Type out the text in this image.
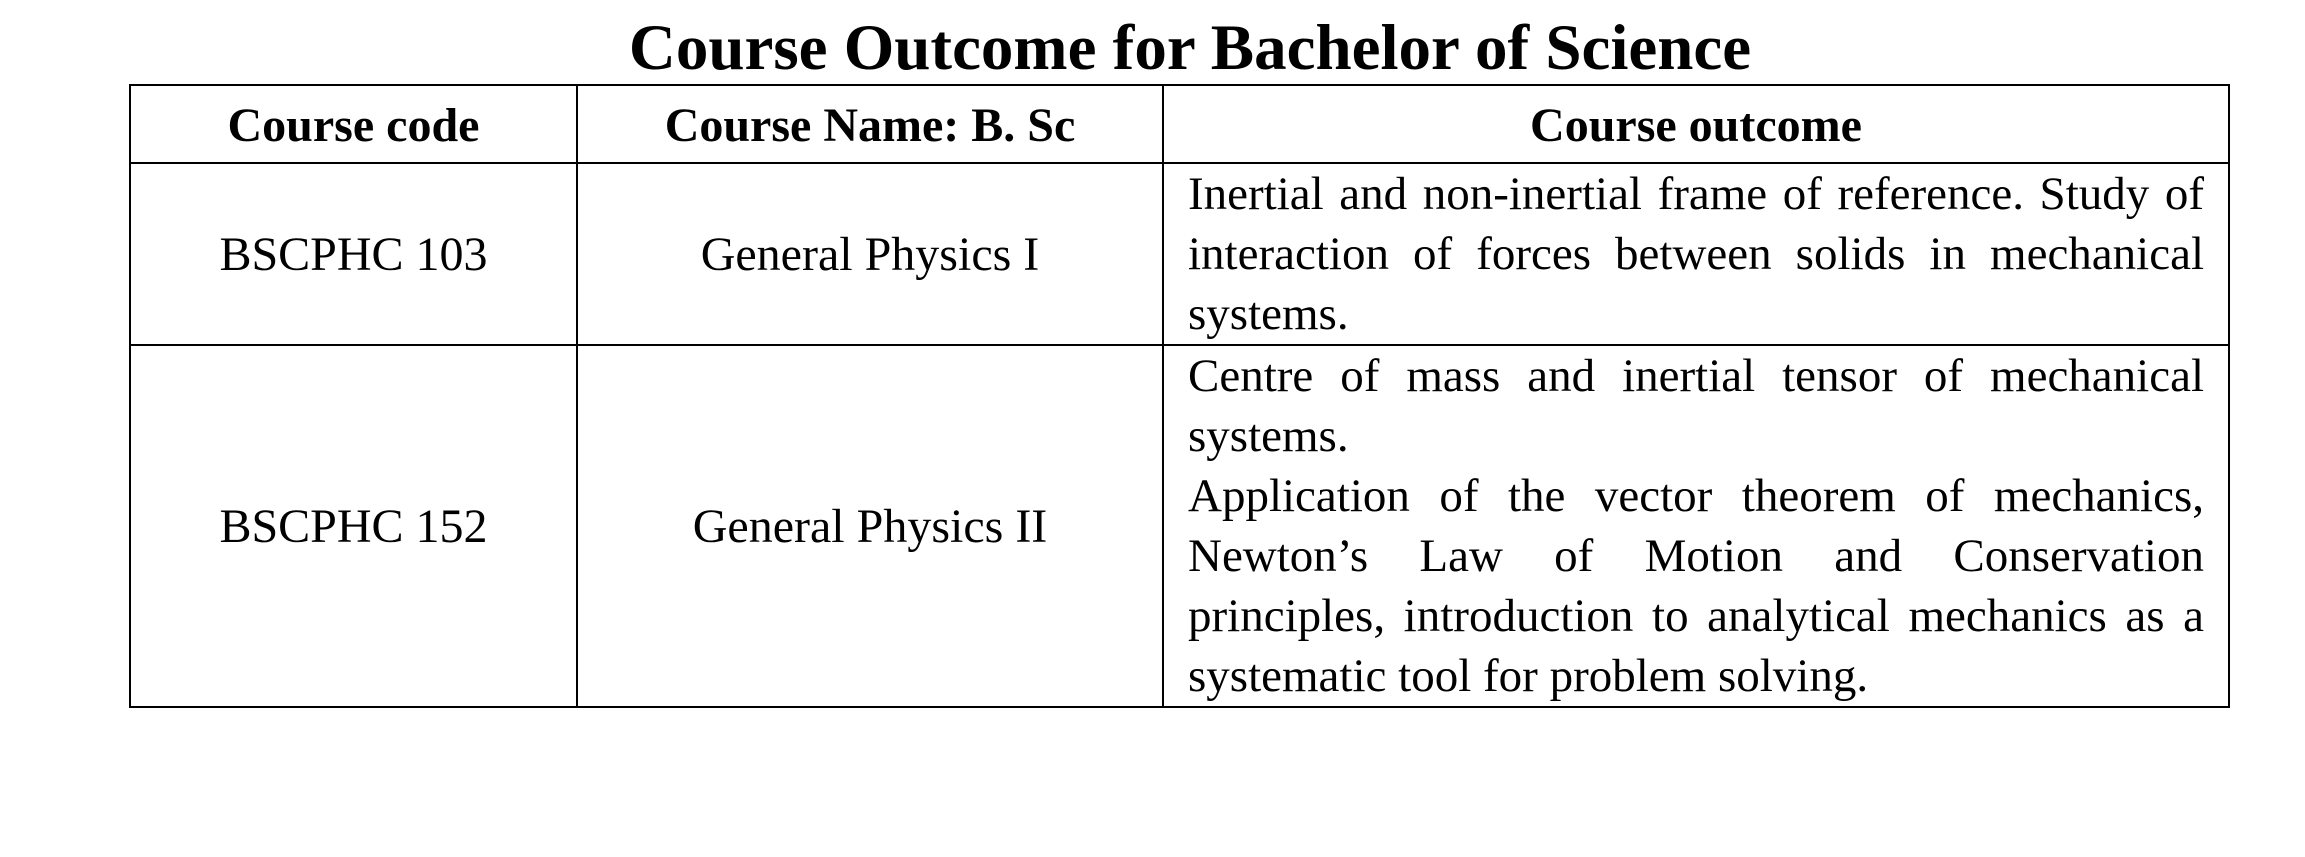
Course Outcome for Bachelor of Science
Course code	Course Name: B. Sc	Course outcome
BSCPHC 103	General Physics I	Inertial and non-inertial frame of reference. Study of interaction of forces between solids in mechanical systems.

BSCPHC 152	General Physics II	Centre of mass and inertial tensor of mechanical systems.
Application of the vector theorem of mechanics, Newton’s Law of Motion and Conservation principles, introduction to analytical mechanics as a systematic tool for problem solving.
